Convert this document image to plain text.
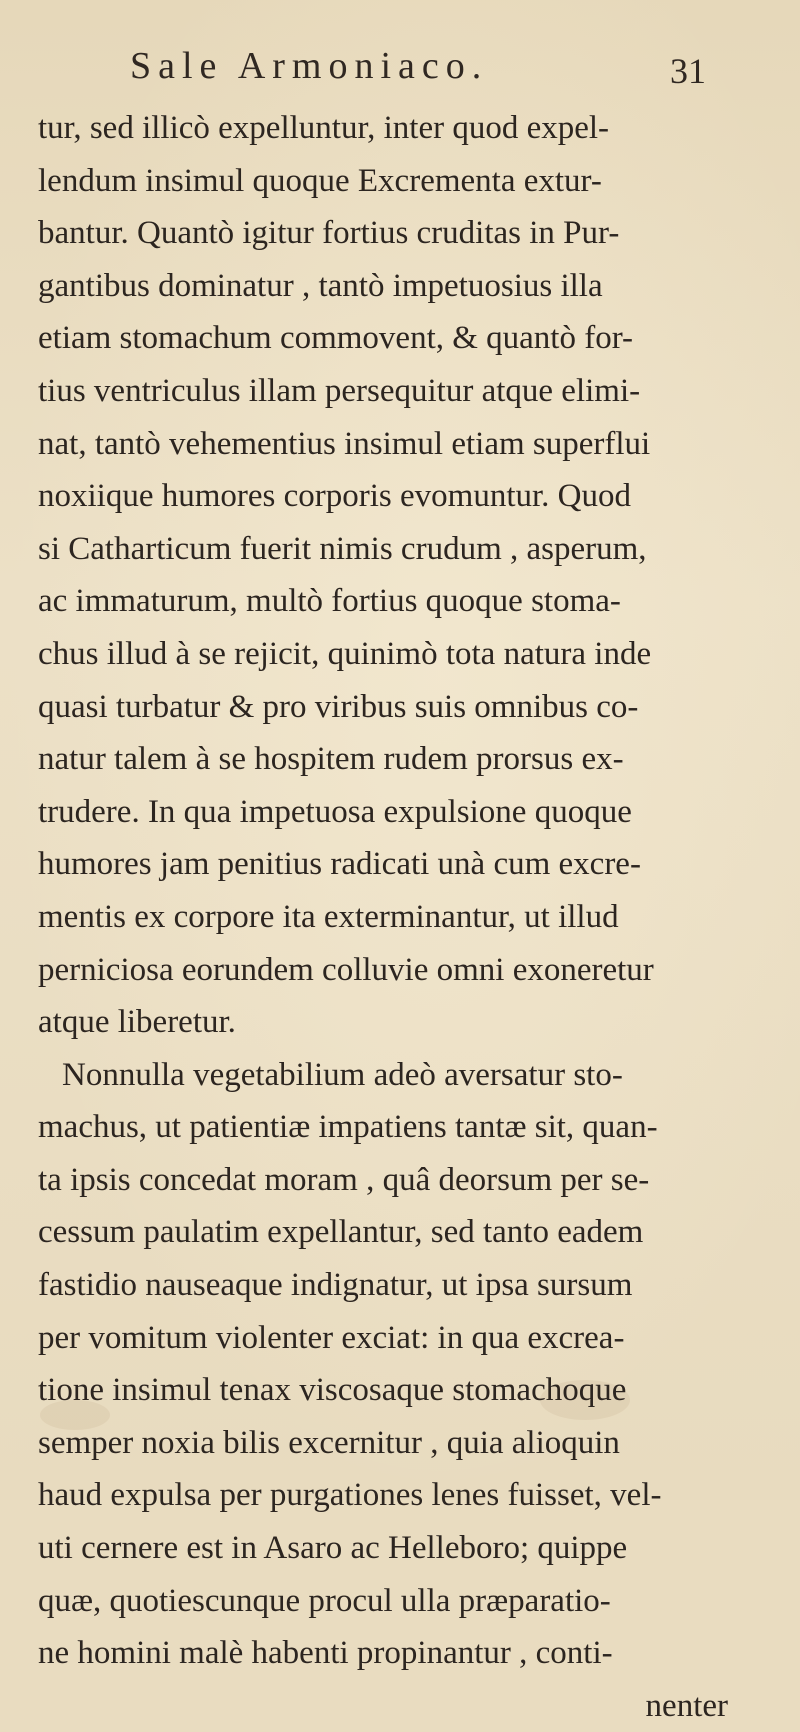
Sale Armoniaco.	31
tur, sed illicò expelluntur, inter quod expel-
lendum insimul quoque Excrementa extur-
bantur. Quantò igitur fortius cruditas in Pur-
gantibus dominatur , tantò impetuosius illa
etiam stomachum commovent, & quantò for-
tius ventriculus illam persequitur atque elimi-
nat, tantò vehementius insimul etiam superflui
noxiique humores corporis evomuntur. Quod
si Catharticum fuerit nimis crudum , asperum,
ac immaturum, multò fortius quoque stoma-
chus illud à se rejicit, quinimò tota natura inde
quasi turbatur & pro viribus suis omnibus co-
natur talem à se hospitem rudem prorsus ex-
trudere. In qua impetuosa expulsione quoque
humores jam penitius radicati unà cum excre-
mentis ex corpore ita exterminantur, ut illud
perniciosa eorundem colluvie omni exoneretur
atque liberetur.
Nonnulla vegetabilium adeò aversatur sto-
machus, ut patientiæ impatiens tantæ sit, quan-
ta ipsis concedat moram , quâ deorsum per se-
cessum paulatim expellantur, sed tanto eadem
fastidio nauseaque indignatur, ut ipsa sursum
per vomitum violenter exciat: in qua excrea-
tione insimul tenax viscosaque stomachoque
semper noxia bilis excernitur , quia alioquin
haud expulsa per purgationes lenes fuisset, vel-
uti cernere est in Asaro ac Helleboro; quippe
quæ, quotiescunque procul ulla præparatio-
ne homini malè habenti propinantur , conti-
nenter
